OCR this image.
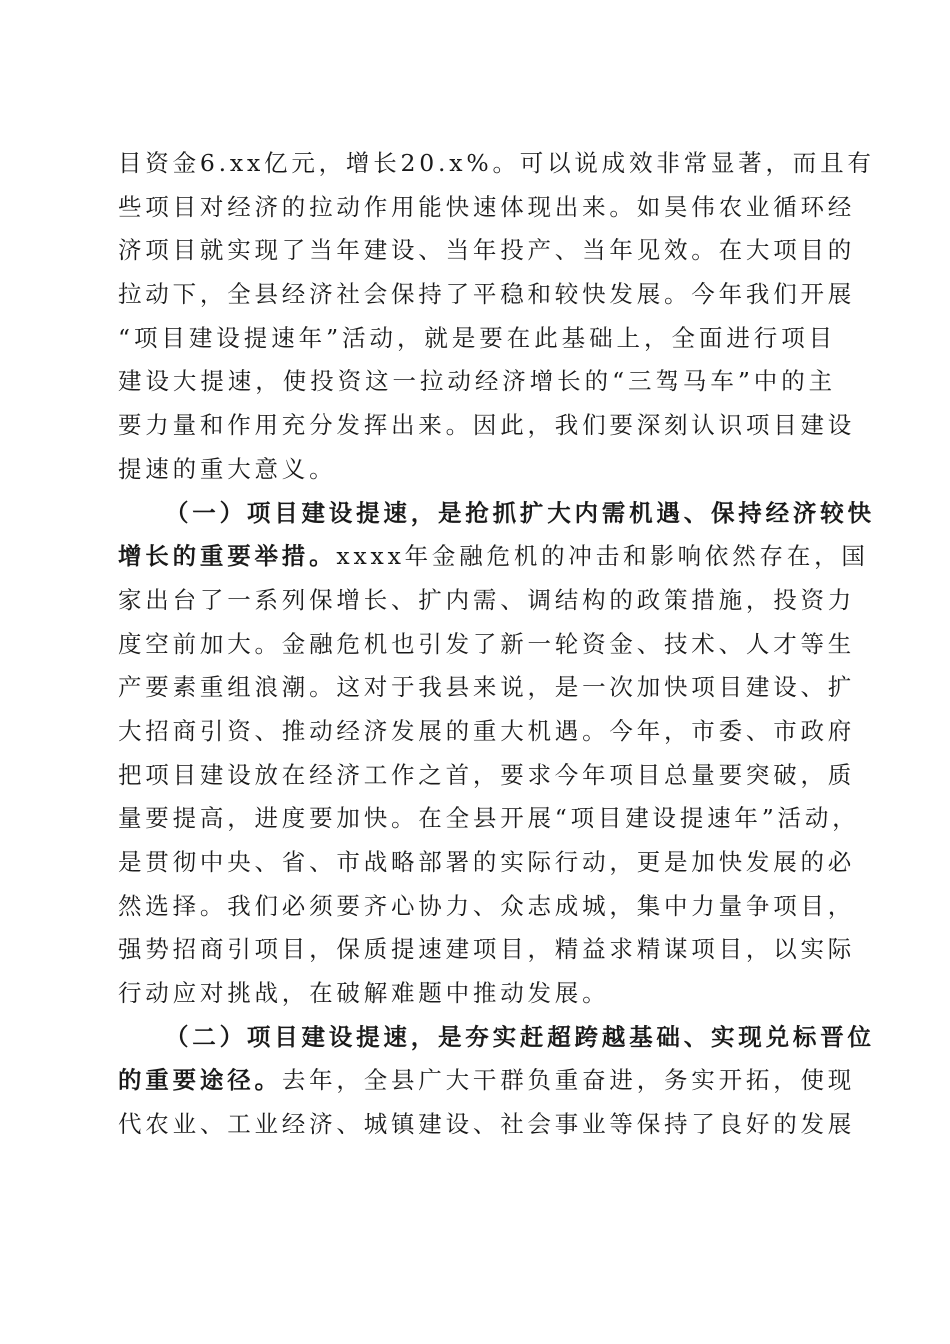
目资金6.xx亿元，增长20.x%。可以说成效非常显著，而且有
些项目对经济的拉动作用能快速体现出来。如昊伟农业循环经
济项目就实现了当年建设、当年投产、当年见效。在大项目的
拉动下，全县经济社会保持了平稳和较快发展。今年我们开展
“项目建设提速年”活动，就是要在此基础上，全面进行项目
建设大提速，使投资这一拉动经济增长的“三驾马车”中的主
要力量和作用充分发挥出来。因此，我们要深刻认识项目建设
提速的重大意义。
（一）项目建设提速，是抢抓扩大内需机遇、保持经济较快
增长的重要举措。xxxx年金融危机的冲击和影响依然存在，国
家出台了一系列保增长、扩内需、调结构的政策措施，投资力
度空前加大。金融危机也引发了新一轮资金、技术、人才等生
产要素重组浪潮。这对于我县来说，是一次加快项目建设、扩
大招商引资、推动经济发展的重大机遇。今年，市委、市政府
把项目建设放在经济工作之首，要求今年项目总量要突破，质
量要提高，进度要加快。在全县开展“项目建设提速年”活动，
是贯彻中央、省、市战略部署的实际行动，更是加快发展的必
然选择。我们必须要齐心协力、众志成城，集中力量争项目，
强势招商引项目，保质提速建项目，精益求精谋项目，以实际
行动应对挑战，在破解难题中推动发展。
（二）项目建设提速，是夯实赶超跨越基础、实现兑标晋位
的重要途径。去年，全县广大干群负重奋进，务实开拓，使现
代农业、工业经济、城镇建设、社会事业等保持了良好的发展
